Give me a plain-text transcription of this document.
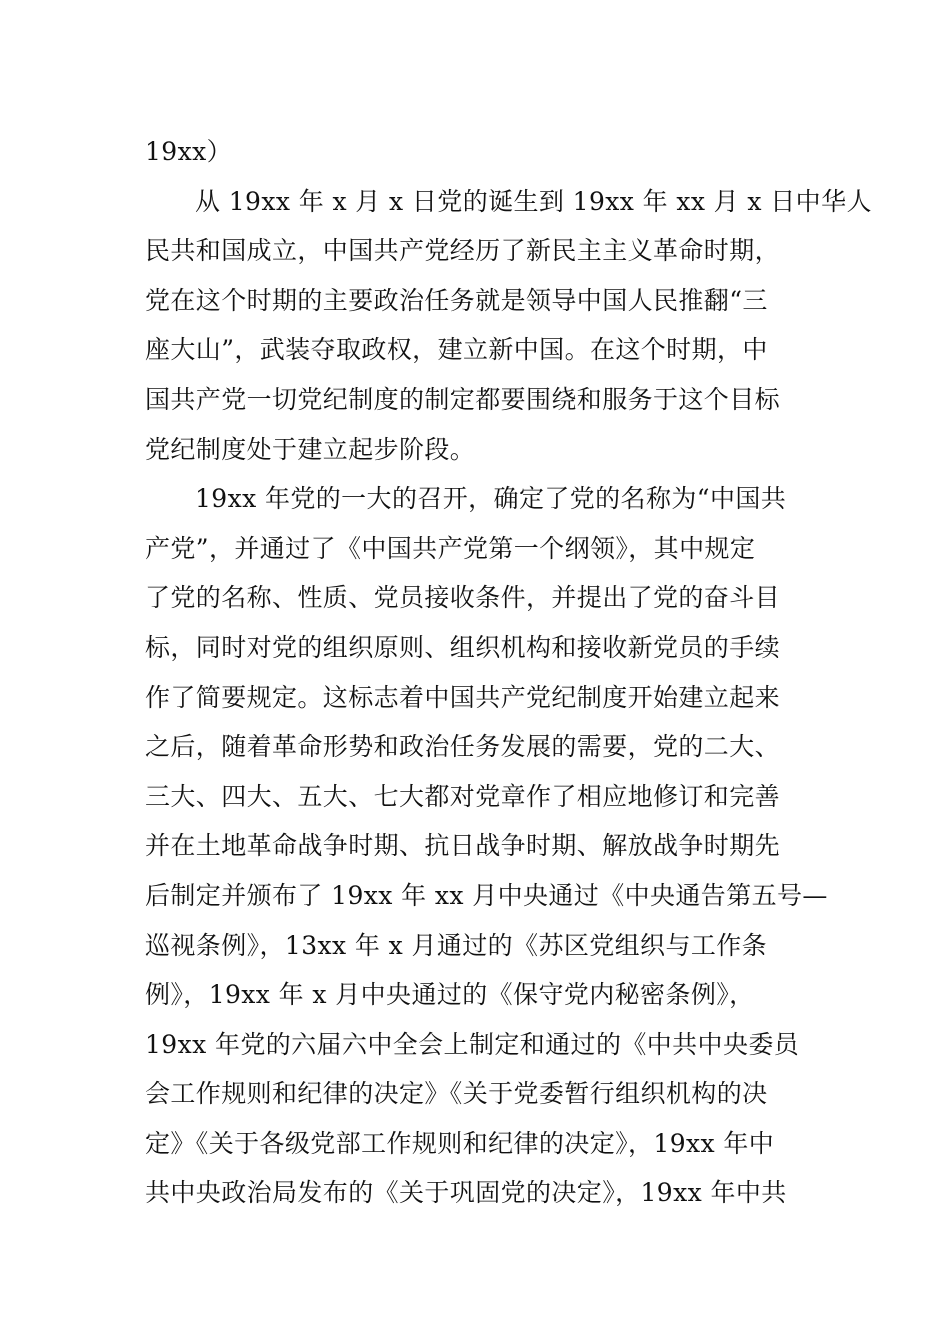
19xx）
从 19xx 年 x 月 x 日党的诞生到 19xx 年 xx 月 x 日中华人
民共和国成立，中国共产党经历了新民主主义革命时期，
党在这个时期的主要政治任务就是领导中国人民推翻“三
座大山”，武装夺取政权，建立新中国。在这个时期，中
国共产党一切党纪制度的制定都要围绕和服务于这个目标
党纪制度处于建立起步阶段。
19xx 年党的一大的召开，确定了党的名称为“中国共
产党”，并通过了《中国共产党第一个纲领》，其中规定
了党的名称、性质、党员接收条件，并提出了党的奋斗目
标，同时对党的组织原则、组织机构和接收新党员的手续
作了简要规定。这标志着中国共产党纪制度开始建立起来
之后，随着革命形势和政治任务发展的需要，党的二大、
三大、四大、五大、七大都对党章作了相应地修订和完善
并在土地革命战争时期、抗日战争时期、解放战争时期先
后制定并颁布了 19xx 年 xx 月中央通过《中央通告第五号—
巡视条例》，13xx 年 x 月通过的《苏区党组织与工作条
例》，19xx 年 x 月中央通过的《保守党内秘密条例》，
19xx 年党的六届六中全会上制定和通过的《中共中央委员
会工作规则和纪律的决定》《关于党委暂行组织机构的决
定》《关于各级党部工作规则和纪律的决定》，19xx 年中
共中央政治局发布的《关于巩固党的决定》，19xx 年中共
